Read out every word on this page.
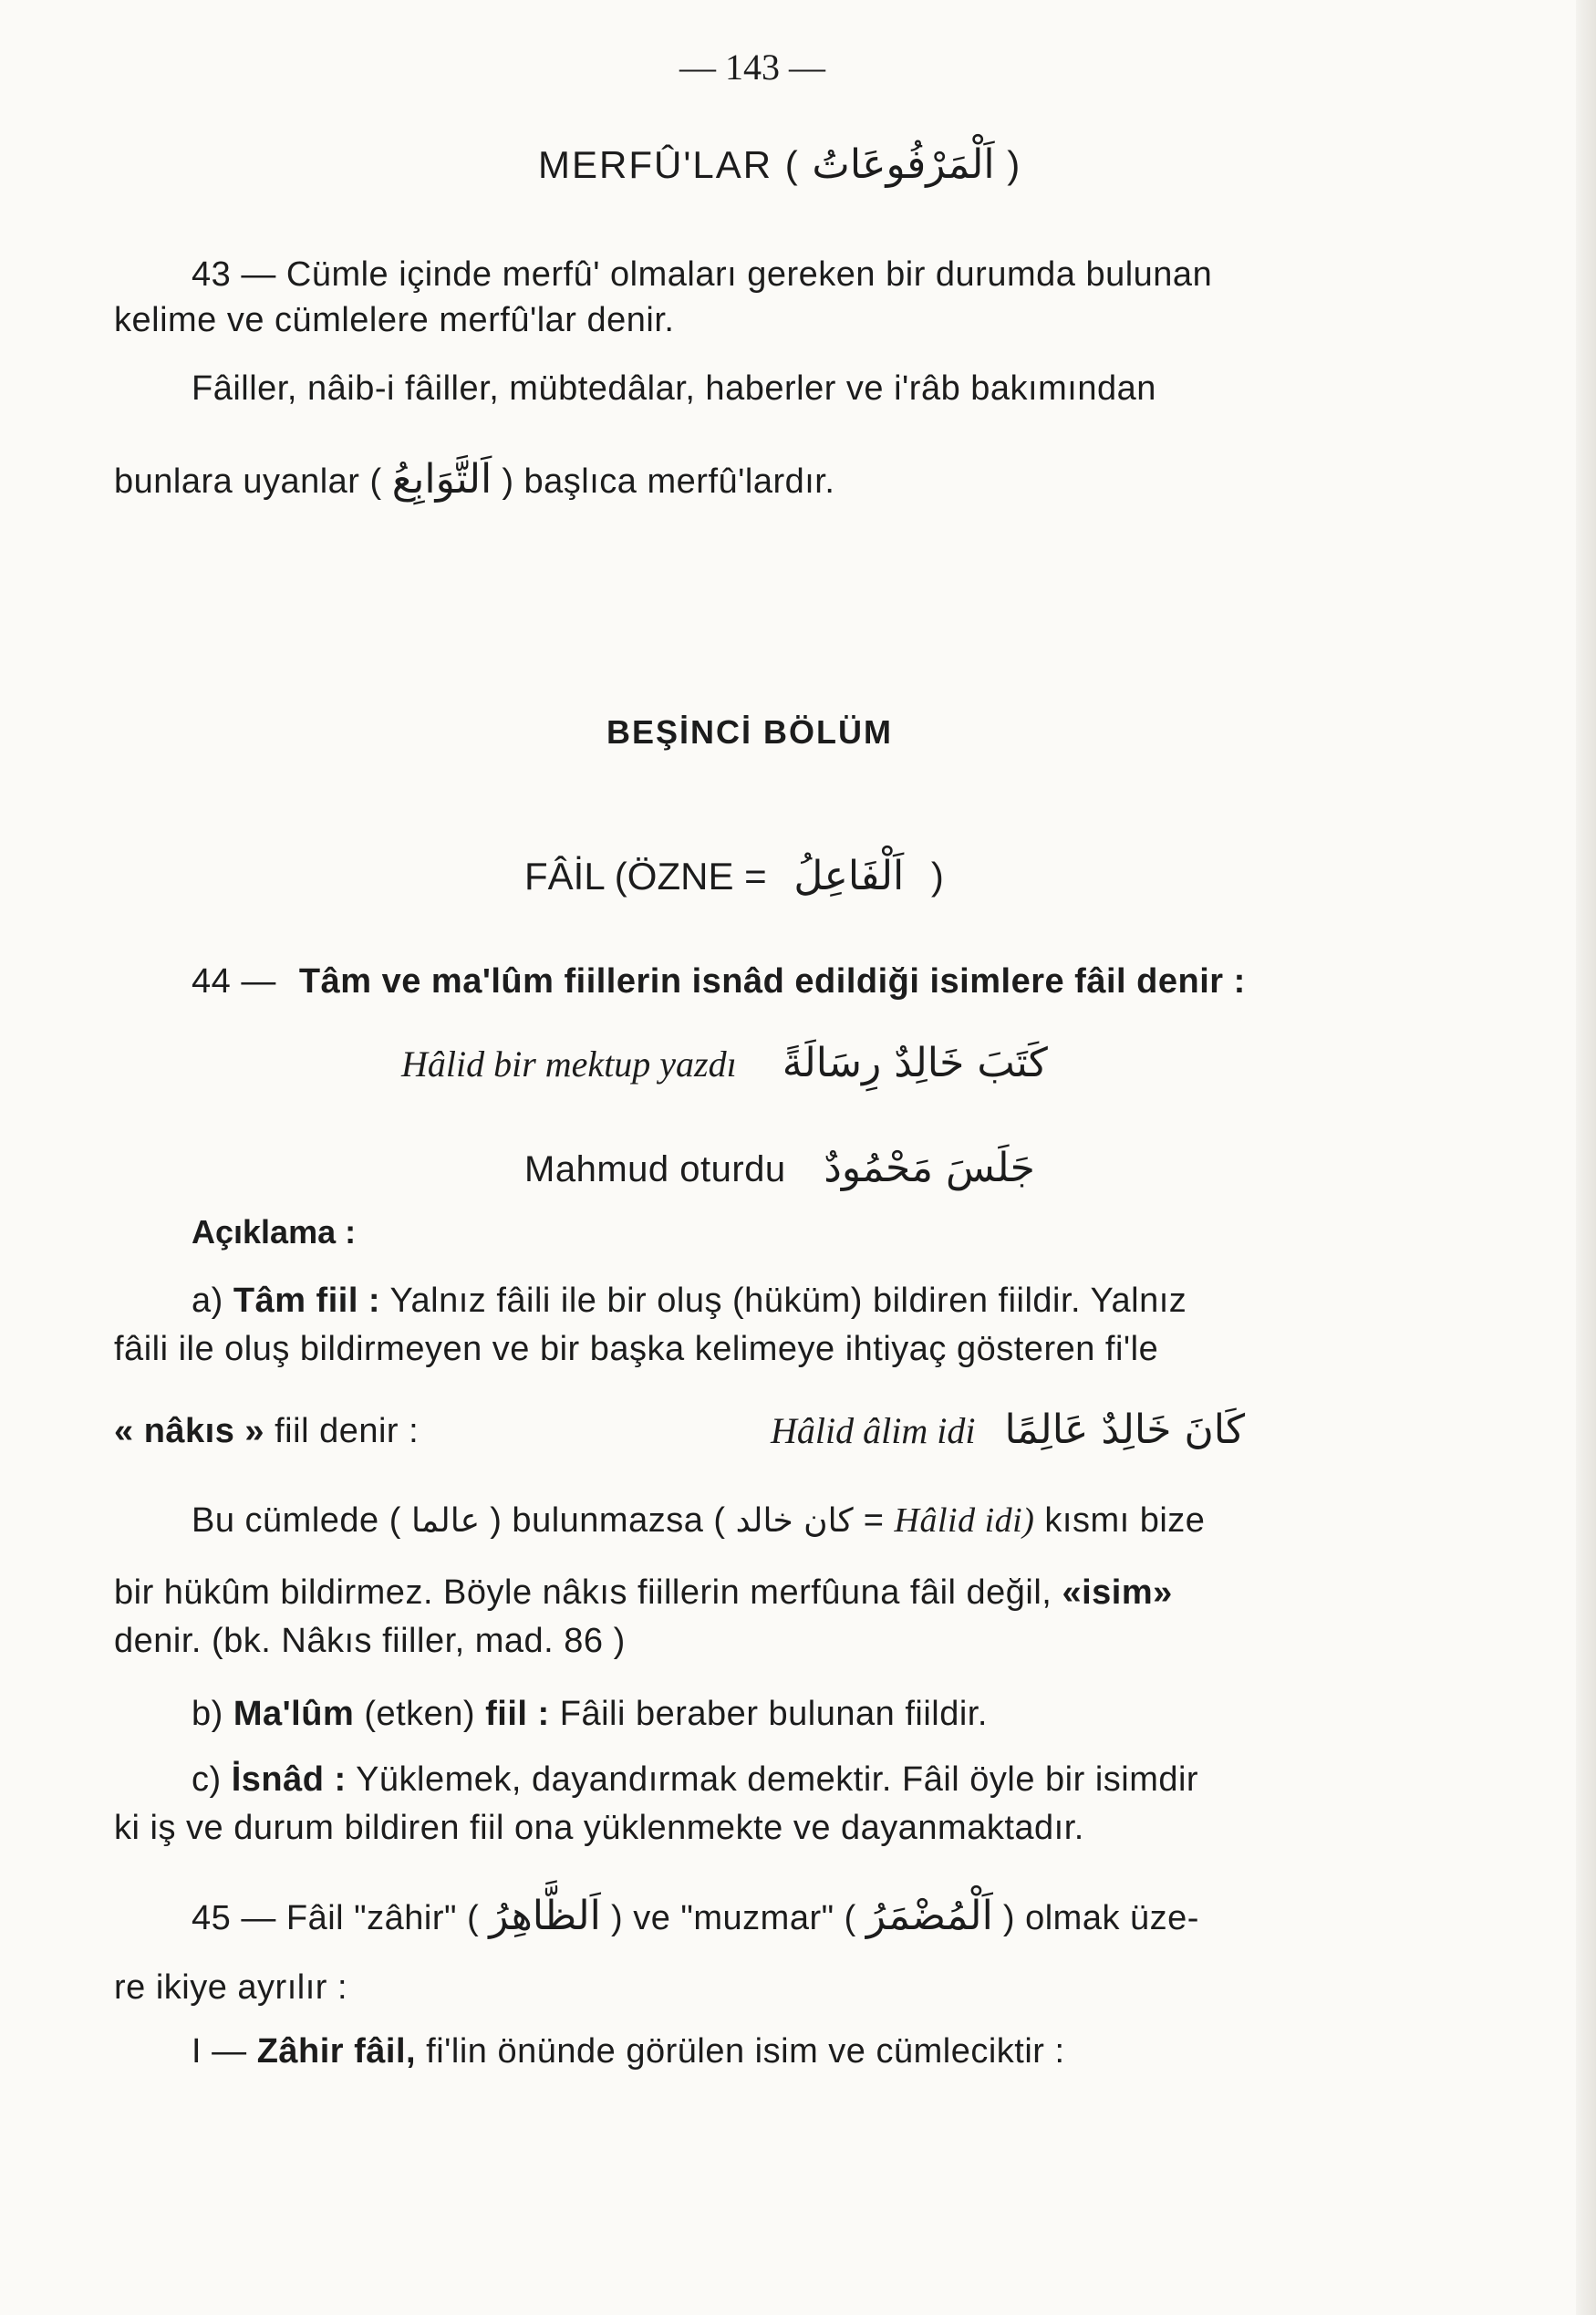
— 143 —
MERFÛ'LAR ( اَلْمَرْفُوعَاتُ )
43 — Cümle içinde merfû' olmaları gereken bir durumda bulunan
kelime ve cümlelere merfû'lar denir.
Fâiller, nâib-i fâiller, mübtedâlar, haberler ve i'râb bakımından
bunlara uyanlar ( اَلتَّوَابِعُ ) başlıca merfû'lardır.
BEŞİNCİ BÖLÜM
FÂİL (ÖZNE = اَلْفَاعِلُ )
44 — Tâm ve ma'lûm fiillerin isnâd edildiği isimlere fâil denir :
Hâlid bir mektup yazdı كَتَبَ خَالِدٌ رِسَالَةً
Mahmud oturdu جَلَسَ مَحْمُودٌ
Açıklama :
a) Tâm fiil : Yalnız fâili ile bir oluş (hüküm) bildiren fiildir. Yalnız
fâili ile oluş bildirmeyen ve bir başka kelimeye ihtiyaç gösteren fi'le
« nâkıs » fiil denir :	Hâlid âlim idi كَانَ خَالِدٌ عَالِمًا
Bu cümlede ( عالما ) bulunmazsa ( كان خالد = Hâlid idi) kısmı bize
bir hükûm bildirmez. Böyle nâkıs fiillerin merfûuna fâil değil, «isim»
denir. (bk. Nâkıs fiiller, mad. 86 )
b) Ma'lûm (etken) fiil : Fâili beraber bulunan fiildir.
c) İsnâd : Yüklemek, dayandırmak demektir. Fâil öyle bir isimdir
ki iş ve durum bildiren fiil ona yüklenmekte ve dayanmaktadır.
45 — Fâil "zâhir" ( اَلظَّاهِرُ ) ve "muzmar" ( اَلْمُضْمَرُ ) olmak üze-
re ikiye ayrılır :
I — Zâhir fâil, fi'lin önünde görülen isim ve cümleciktir :
